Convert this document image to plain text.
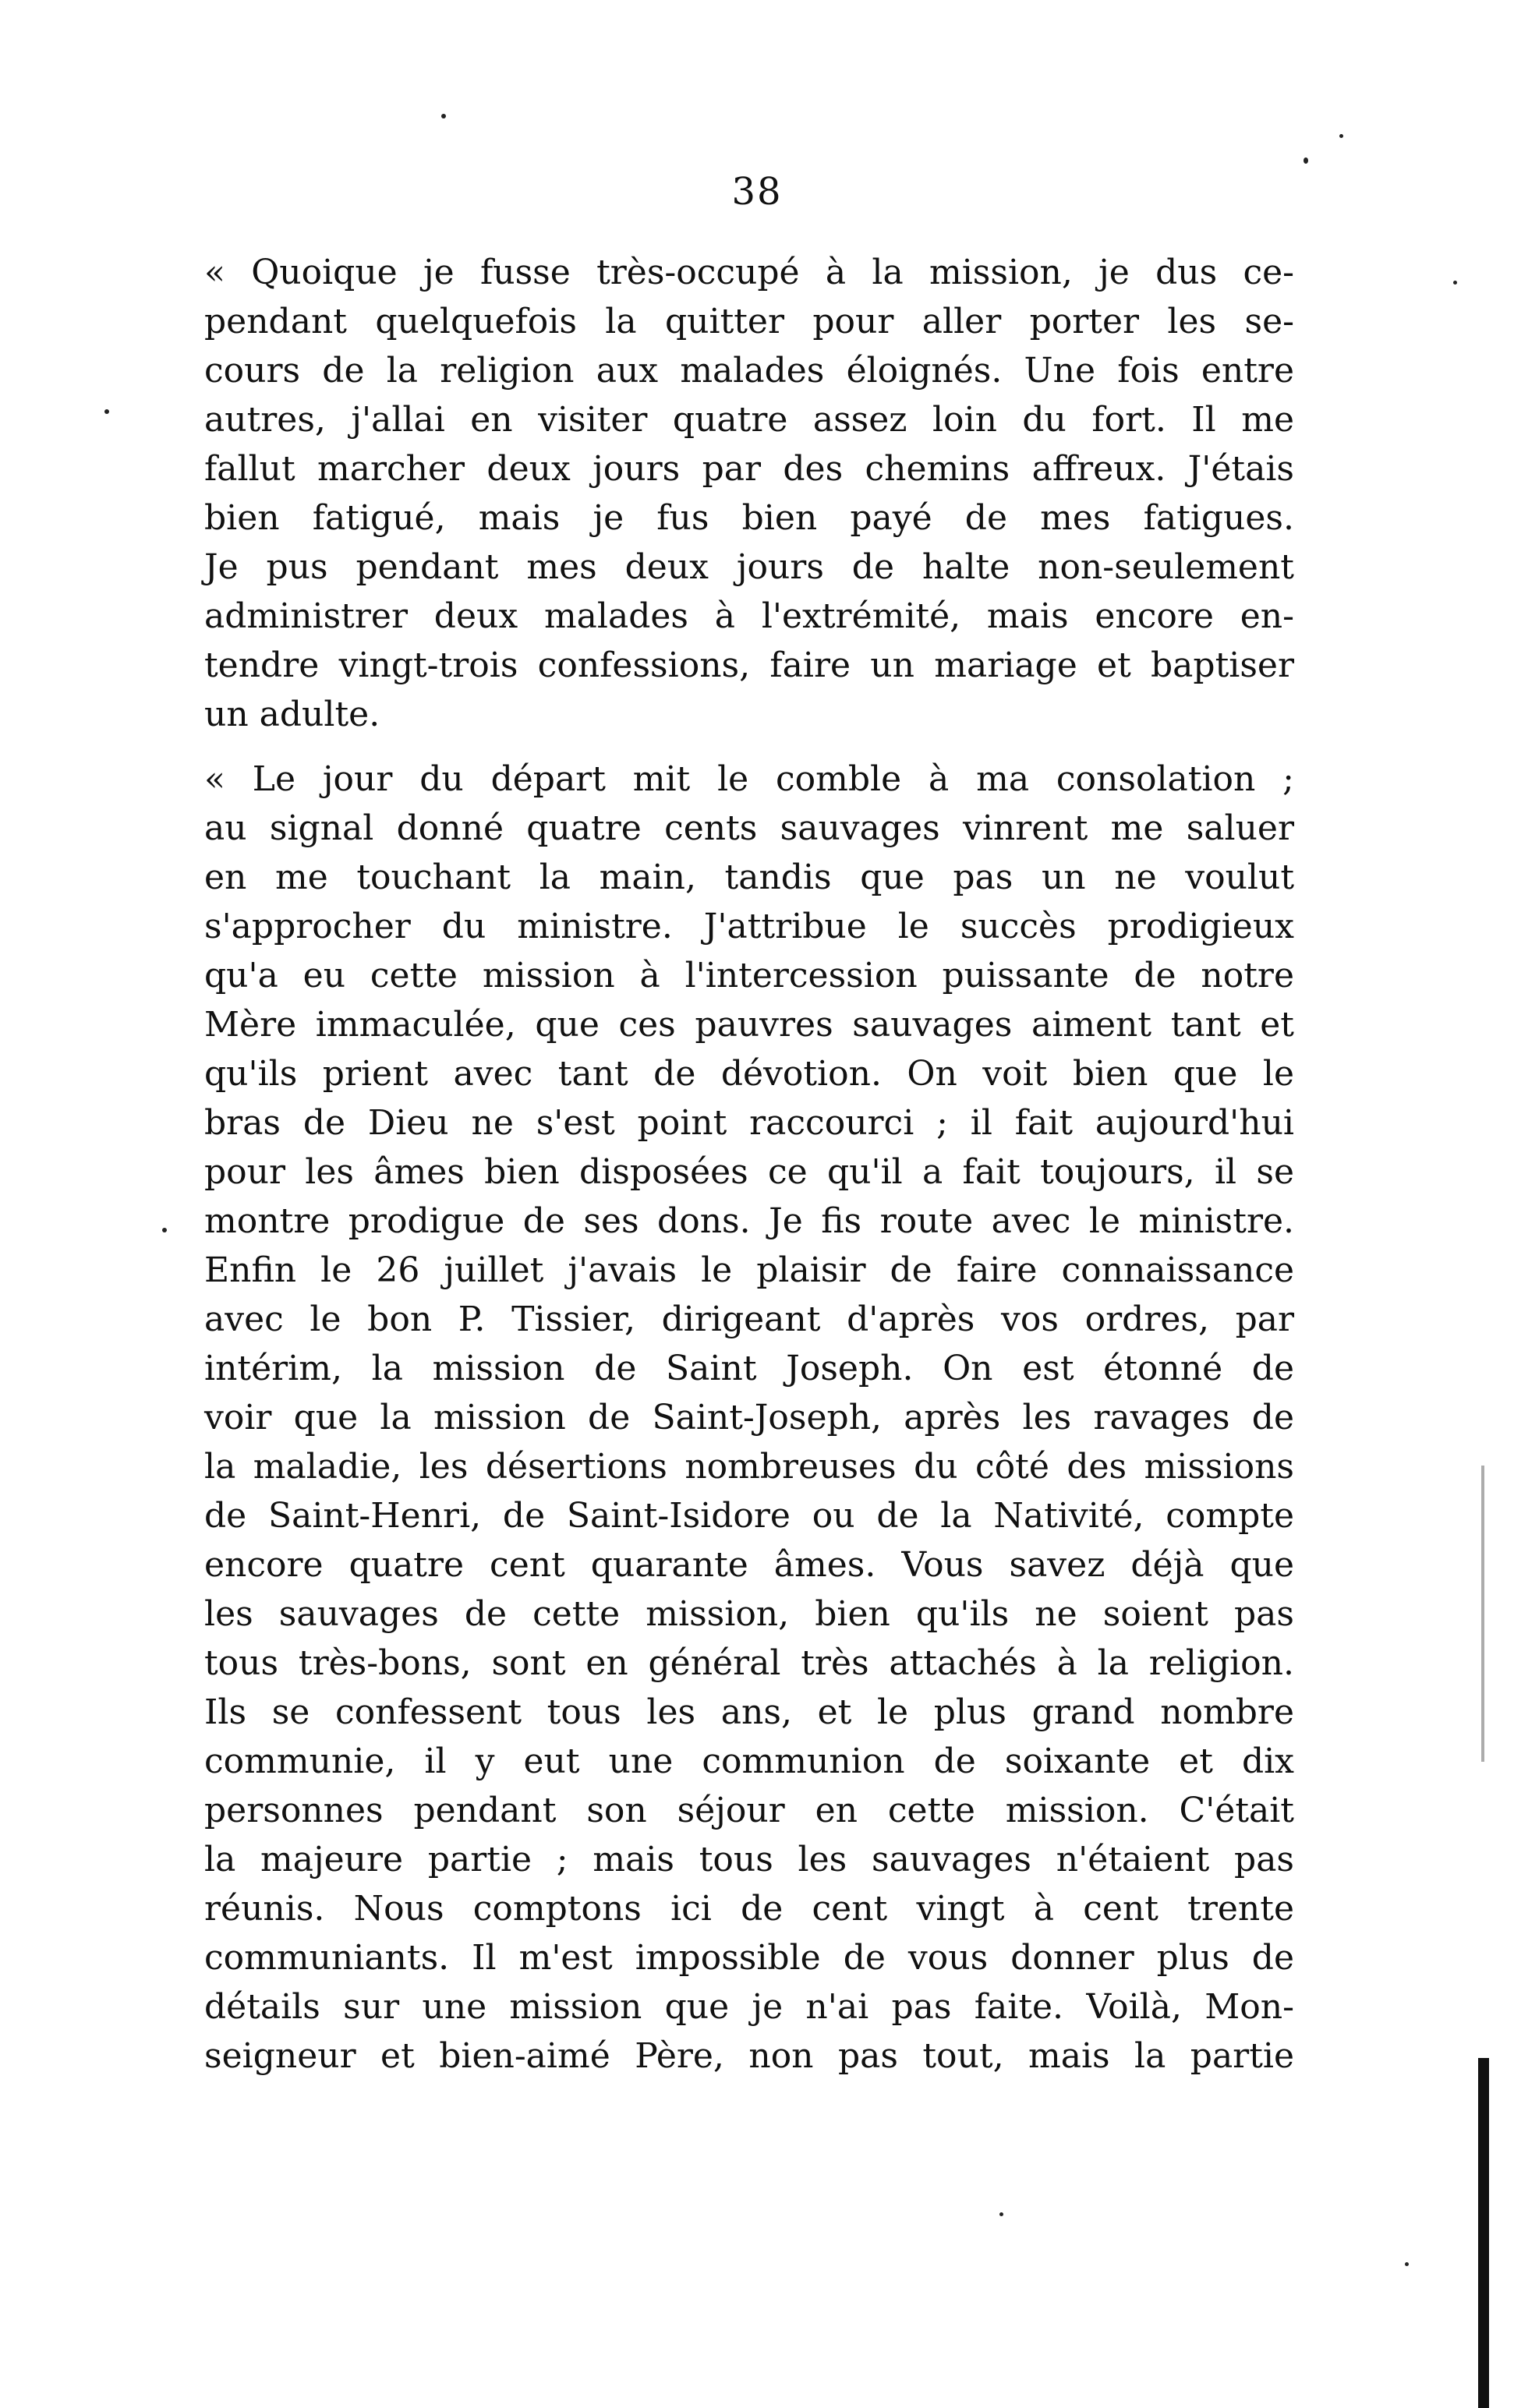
38

« Quoique je fusse très-occupé à la mission, je dus ce-
pendant quelquefois la quitter pour aller porter les se-
cours de la religion aux malades éloignés. Une fois entre
autres, j'allai en visiter quatre assez loin du fort. Il me
fallut marcher deux jours par des chemins affreux. J'étais
bien fatigué, mais je fus bien payé de mes fatigues.
Je pus pendant mes deux jours de halte non-seulement
administrer deux malades à l'extrémité, mais encore en-
tendre vingt-trois confessions, faire un mariage et baptiser
un adulte.

« Le jour du départ mit le comble à ma consolation ;
au signal donné quatre cents sauvages vinrent me saluer
en me touchant la main, tandis que pas un ne voulut
s'approcher du ministre. J'attribue le succès prodigieux
qu'a eu cette mission à l'intercession puissante de notre
Mère immaculée, que ces pauvres sauvages aiment tant et
qu'ils prient avec tant de dévotion. On voit bien que le
bras de Dieu ne s'est point raccourci ; il fait aujourd'hui
pour les âmes bien disposées ce qu'il a fait toujours, il se
montre prodigue de ses dons. Je fis route avec le ministre.
Enfin le 26 juillet j'avais le plaisir de faire connaissance
avec le bon P. Tissier, dirigeant d'après vos ordres, par
intérim, la mission de Saint Joseph. On est étonné de
voir que la mission de Saint-Joseph, après les ravages de
la maladie, les désertions nombreuses du côté des missions
de Saint-Henri, de Saint-Isidore ou de la Nativité, compte
encore quatre cent quarante âmes. Vous savez déjà que
les sauvages de cette mission, bien qu'ils ne soient pas
tous très-bons, sont en général très attachés à la religion.
Ils se confessent tous les ans, et le plus grand nombre
communie, il y eut une communion de soixante et dix
personnes pendant son séjour en cette mission. C'était
la majeure partie ; mais tous les sauvages n'étaient pas
réunis. Nous comptons ici de cent vingt à cent trente
communiants. Il m'est impossible de vous donner plus de
détails sur une mission que je n'ai pas faite. Voilà, Mon-
seigneur et bien-aimé Père, non pas tout, mais la partie
